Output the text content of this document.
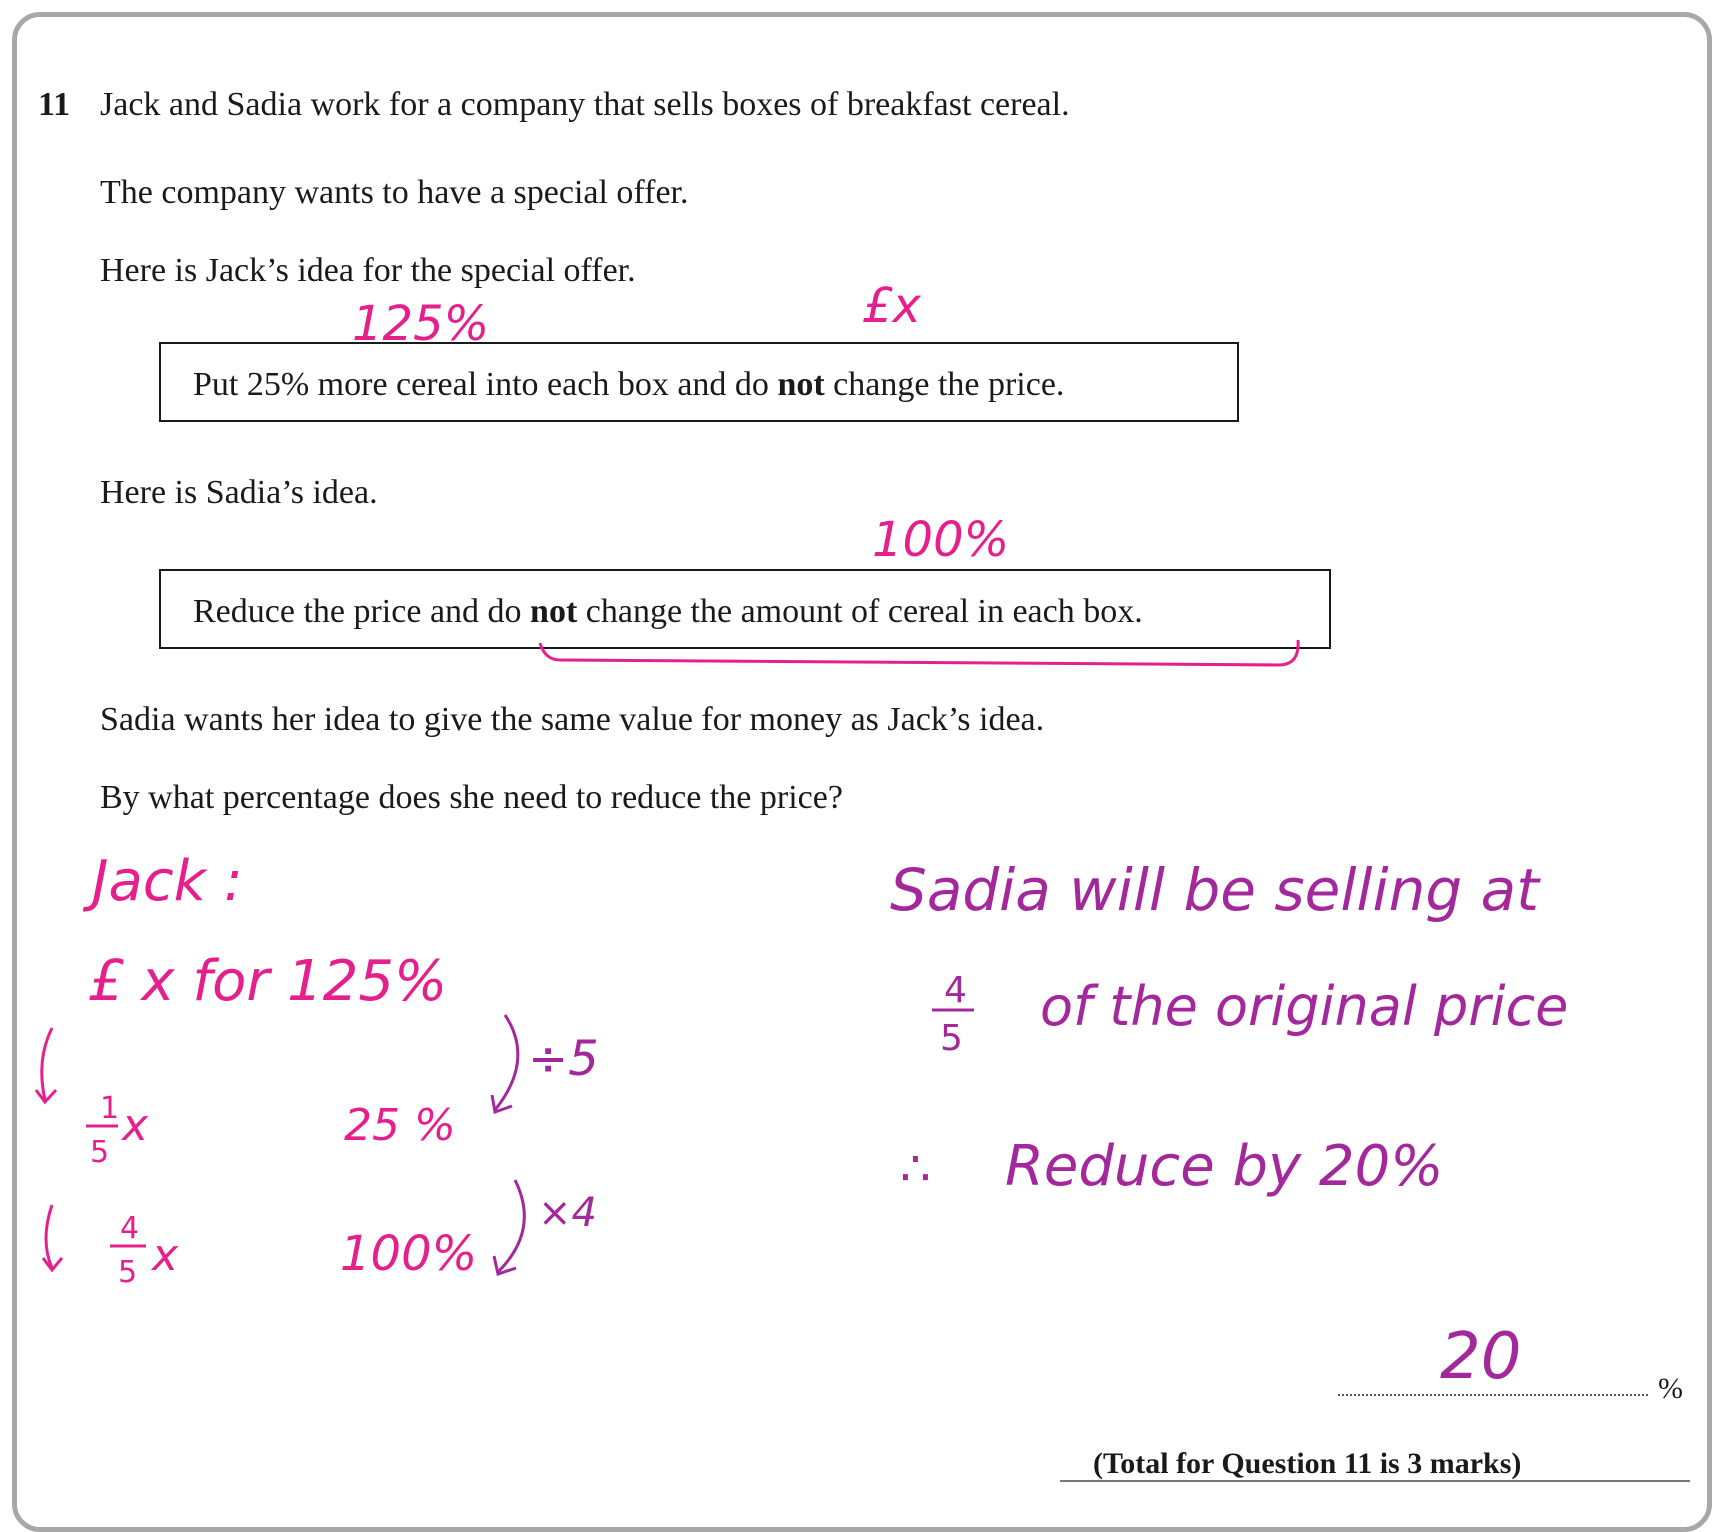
11 Jack and Sadia work for a company that sells boxes of breakfast cereal.
The company wants to have a special offer.
Here is Jack’s idea for the special offer.
Put 25% more cereal into each box and do not change the price.
Here is Sadia’s idea.
Reduce the price and do not change the amount of cereal in each box.
Sadia wants her idea to give the same value for money as Jack’s idea.
By what percentage does she need to reduce the price?
%
(Total for Question 11 is 3 marks)
125%	£x
100%
Jack :
£ x for 125%
1
5
x	25 %
÷5
4
5 x	100%
×4
Sadia will be selling at
4
5
of the original price
∴ Reduce by 20%
20
